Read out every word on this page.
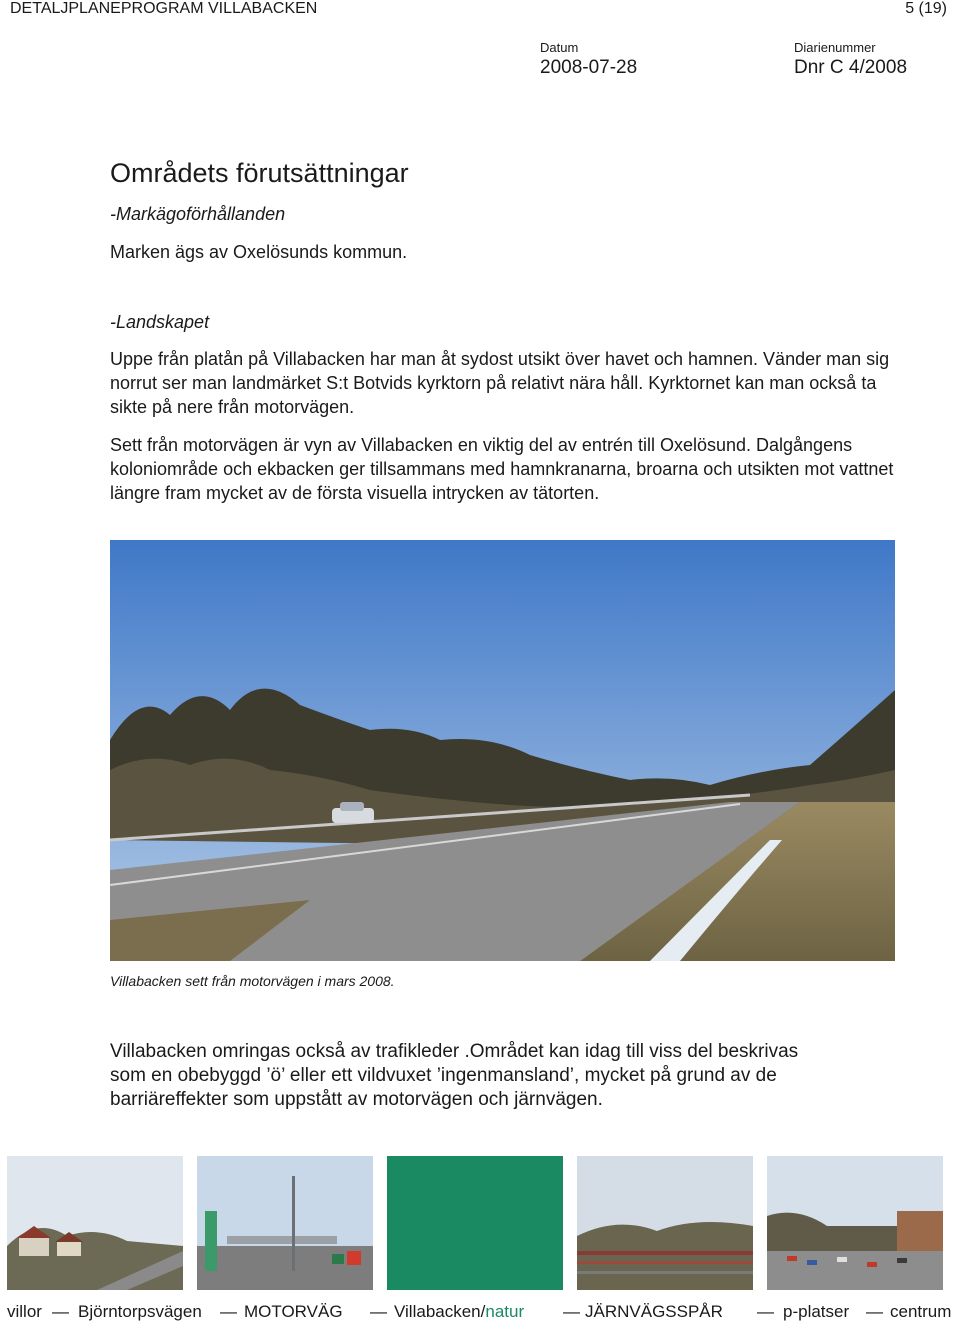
DETALJPLANEPROGRAM VILLABACKEN	5 (19)
Datum
2008-07-28
Diarienummer
Dnr C 4/2008
Områdets förutsättningar
-Markägoförhållanden

Marken ägs av Oxelösunds kommun.

-Landskapet

Uppe från platån på Villabacken har man åt sydost utsikt över havet och hamnen. Vänder man sig norrut ser man landmärket S:t Botvids kyrktorn på relativt nära håll. Kyrktornet kan man också ta sikte på nere från motorvägen.

Sett från motorvägen är vyn av Villabacken en viktig del av entrén till Oxelösund. Dalgångens koloniområde och ekbacken ger tillsammans med hamnkranarna, broarna och utsikten mot vattnet längre fram mycket av de första visuella intrycken av tätorten.

Villabacken sett från motorvägen i mars 2008.
Villabacken omringas också av trafikleder .Området kan idag till viss del beskrivas som en obebyggd ’ö’ eller ett vildvuxet ’ingenmansland’, mycket på grund av de barriäreffekter som uppstått av motorvägen och järnvägen.
villor — Björntorpsvägen — MOTORVÄG — Villabacken/natur — JÄRNVÄGSSPÅR — p-platser — centrum
